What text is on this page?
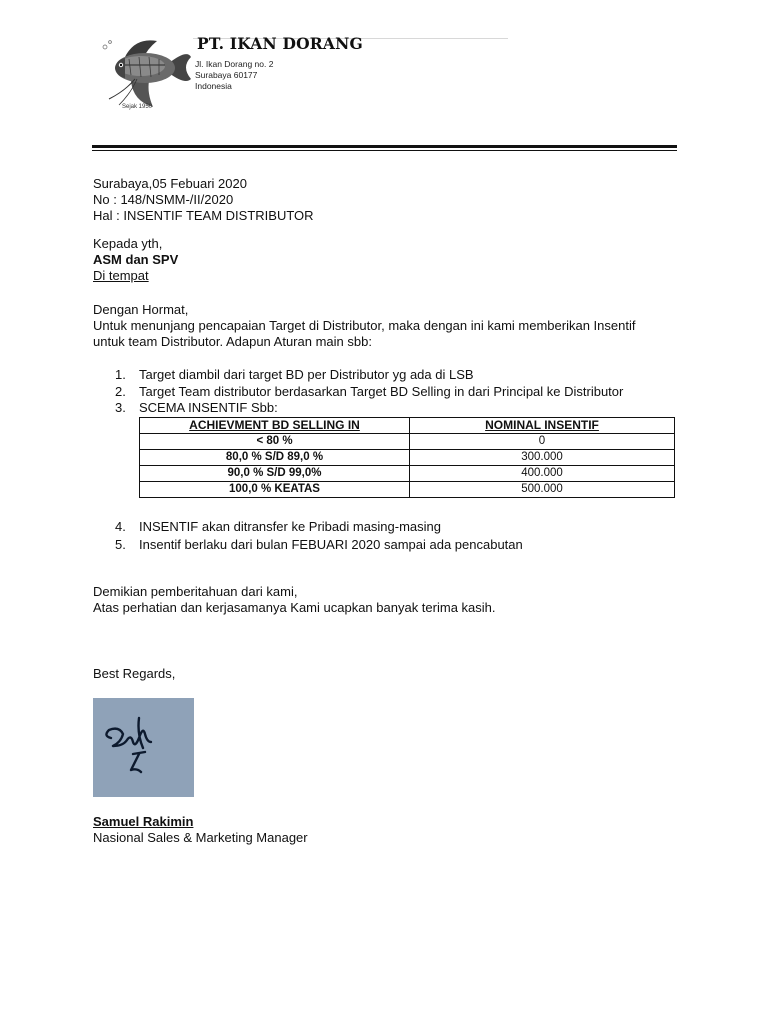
PT. IKAN DORANG
Jl. Ikan Dorang no. 2
Surabaya 60177
Indonesia
Sejak 1950
Surabaya,05 Febuari 2020
No : 148/NSMM-/II/2020
Hal : INSENTIF TEAM DISTRIBUTOR
Kepada yth,
ASM dan SPV
Di tempat
Dengan Hormat,
Untuk menunjang pencapaian Target di Distributor, maka dengan ini kami memberikan Insentif
untuk team Distributor. Adapun Aturan main sbb:
1. Target diambil dari target BD per Distributor yg ada di LSB
2. Target Team distributor berdasarkan Target BD Selling in dari Principal ke Distributor
3. SCEMA INSENTIF Sbb:
4. INSENTIF akan ditransfer ke Pribadi masing-masing
5. Insentif berlaku dari bulan FEBUARI 2020 sampai ada pencabutan
ACHIEVMENT BD SELLING IN	NOMINAL INSENTIF
< 80 %	0
80,0 % S/D 89,0 %	300.000
90,0 % S/D 99,0%	400.000
100,0 % KEATAS	500.000
Demikian pemberitahuan dari kami,
Atas perhatian dan kerjasamanya Kami ucapkan banyak terima kasih.
Best Regards,
Samuel Rakimin
Nasional Sales & Marketing Manager
